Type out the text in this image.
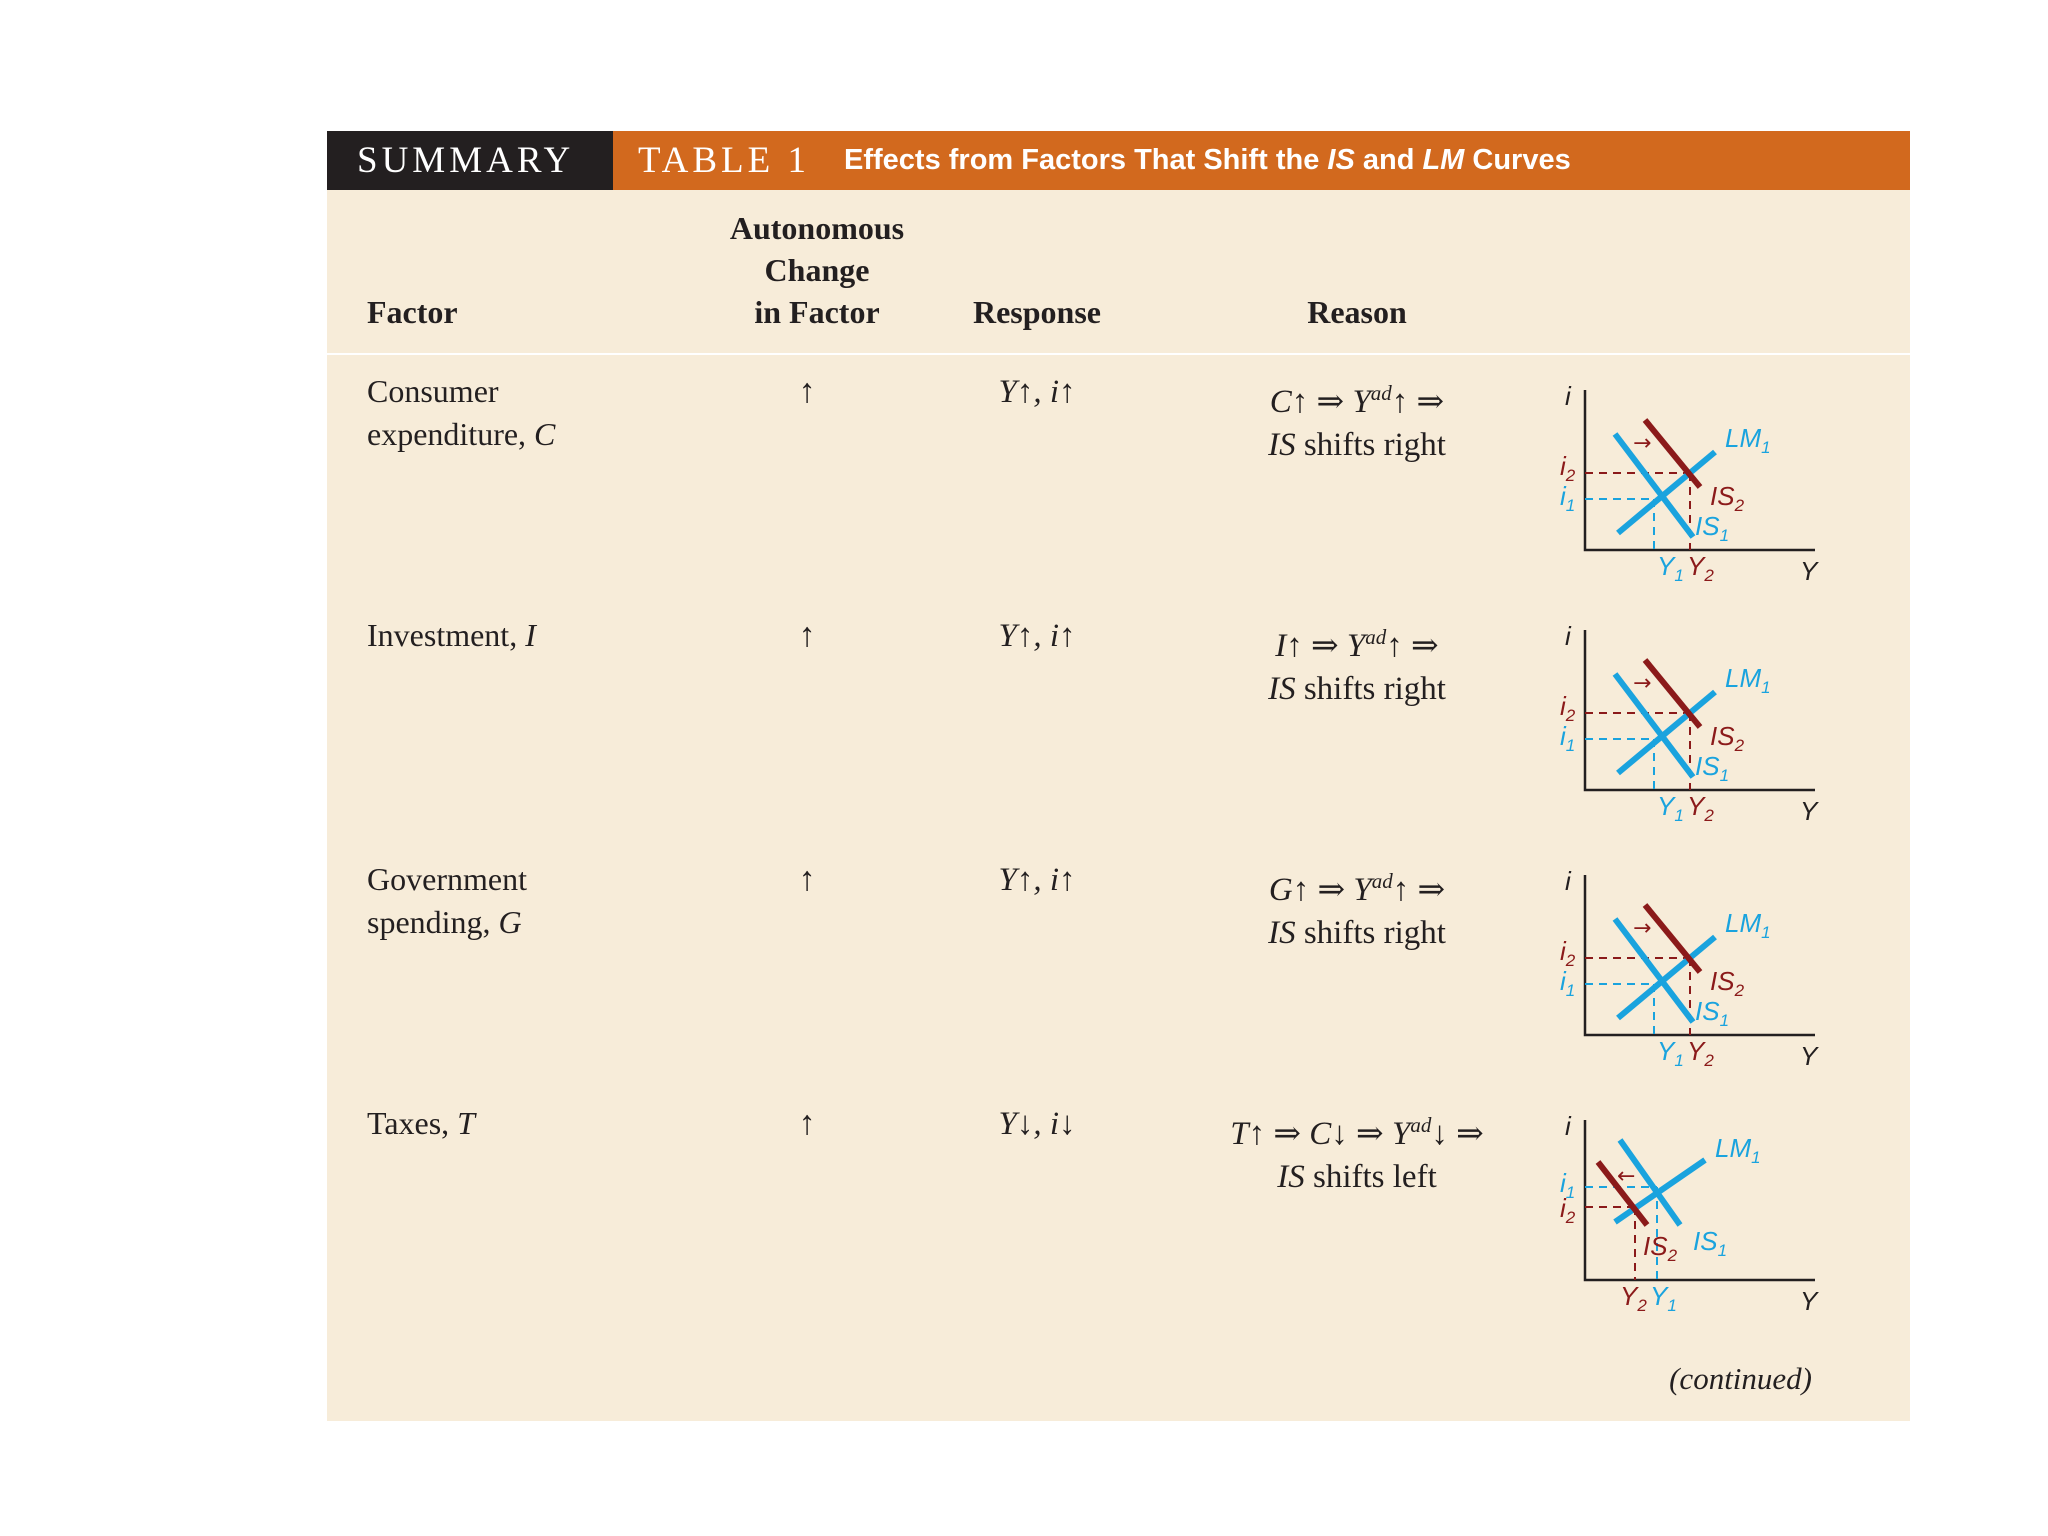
SUMMARY TABLE 1 Effects from Factors That Shift the IS and LM Curves
Factor
Autonomous
Change
in Factor	Response	Reason
(continued)
Consumer
expenditure, C
↑	Y↑, i↑	C↑ ⇒ $Y^{ad}↑$ ⇒
IS shifts right
i
Y
→
$i_2$
$i_1$
$LM_1$
$IS_2$
$IS_1$
$Y_1$ $Y_2$
Investment, I	↑	Y↑, i↑	I↑ ⇒ $Y^{ad}↑$ ⇒
IS shifts right
i
Y
→
$i_2$
$i_1$
$LM_1$
$IS_2$
$IS_1$
$Y_1$ $Y_2$
Government
spending, G
↑	Y↑, i↑	G↑ ⇒ $Y^{ad}↑$ ⇒
IS shifts right
i
Y
→
$i_2$
$i_1$
$LM_1$
$IS_2$
$IS_1$
$Y_1$ $Y_2$
Taxes, T	↑	Y↓, i↓	T↑ ⇒ C↓ ⇒ $Y^{ad}↓$ ⇒
IS shifts left
i
Y
←
$i_1$
$i_2$
$LM_1$
$IS_2$ $IS_1$
$Y_2$ $Y_1$
